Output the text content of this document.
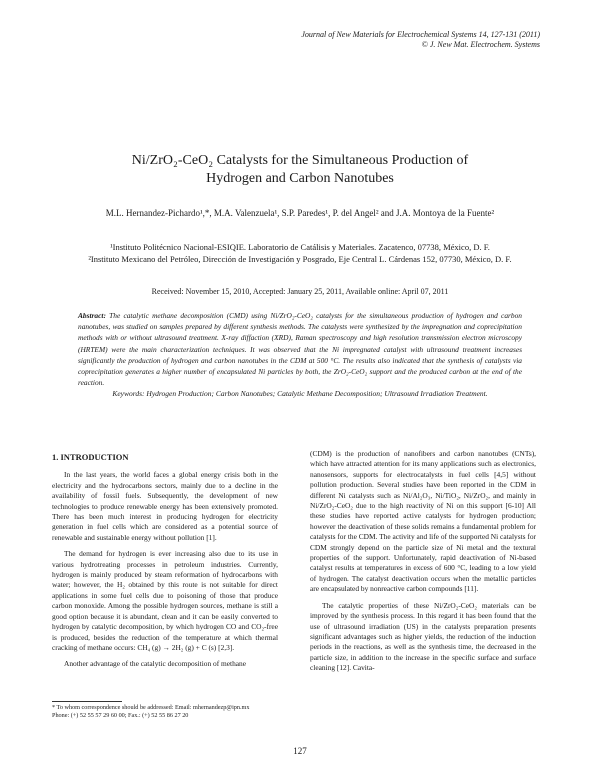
Journal of New Materials for Electrochemical Systems 14, 127-131 (2011)
© J. New Mat. Electrochem. Systems
Ni/ZrO₂-CeO₂ Catalysts for the Simultaneous Production of
Hydrogen and Carbon Nanotubes
M.L. Hernandez-Pichardo¹,*, M.A. Valenzuela¹, S.P. Paredes¹, P. del Angel² and J.A. Montoya de la Fuente²
¹Instituto Politécnico Nacional-ESIQIE. Laboratorio de Catálisis y Materiales. Zacatenco, 07738, México, D. F.
²Instituto Mexicano del Petróleo, Dirección de Investigación y Posgrado, Eje Central L. Cárdenas 152, 07730, México, D. F.
Received: November 15, 2010, Accepted: January 25, 2011, Available online: April 07, 2011
Abstract: The catalytic methane decomposition (CMD) using Ni/ZrO₂-CeO₂ catalysts for the simultaneous production of hydrogen and carbon nanotubes, was studied on samples prepared by different synthesis methods. The catalysts were synthesized by the impregnation and coprecipitation methods with or without ultrasound treatment. X-ray diffaction (XRD), Raman spectroscopy and high resolution transmission electron microscopy (HRTEM) were the main characterization techniques. It was observed that the Ni impregnated catalyst with ultrasound treatment increases significantly the production of hydrogen and carbon nanotubes in the CDM at 500 °C. The results also indicated that the synthesis of catalysts via coprecipitation generates a higher number of encapsulated Ni particles by both, the ZrO₂-CeO₂ support and the produced carbon at the end of the reaction.
Keywords: Hydrogen Production; Carbon Nanotubes; Catalytic Methane Decomposition; Ultrasound Irradiation Treatment.

1. INTRODUCTION

In the last years, the world faces a global energy crisis both in the electricity and the hydrocarbons sectors, mainly due to a decline in the availability of fossil fuels. Subsequently, the development of new technologies to produce renewable energy has been extensively promoted. There has been much interest in producing hydrogen for electricity generation in fuel cells which are considered as a potential source of renewable and sustainable energy without pollution [1].

The demand for hydrogen is ever increasing also due to its use in various hydrotreating processes in petroleum industries. Currently, hydrogen is mainly produced by steam reformation of hydrocarbons with water; however, the H₂ obtained by this route is not suitable for direct applications in some fuel cells due to poisoning of those that produce carbon monoxide. Among the possible hydrogen sources, methane is still a good option because it is abundant, clean and it can be easily converted to hydrogen by catalytic decomposition, by which hydrogen CO and CO₂-free is produced, besides the reduction of the temperature at which thermal cracking of methane occurs: CH₄ (g) → 2H₂ (g) + C (s) [2,3].

Another advantage of the catalytic decomposition of methane

(CDM) is the production of nanofibers and carbon nanotubes (CNTs), which have attracted attention for its many applications such as electronics, nanosensors, supports for electrocatalysts in fuel cells [4,5] without pollution production. Several studies have been reported in the CDM in different Ni catalysts such as Ni/Al₂O₃, Ni/TiO₂, Ni/ZrO₂, and mainly in Ni/ZrO₂-CeO₂ due to the high reactivity of Ni on this support [6-10] All these studies have reported active catalysts for hydrogen production; however the deactivation of these solids remains a fundamental problem for catalysts for the CDM. The activity and life of the supported Ni catalysts for CDM strongly depend on the particle size of Ni metal and the textural properties of the support. Unfortunately, rapid deactivation of Ni-based catalyst results at temperatures in excess of 600 °C, leading to a low yield of hydrogen. The catalyst deactivation occurs when the metallic particles are encapsulated by nonreactive carbon compounds [11].

The catalytic properties of these Ni/ZrO₂-CeO₂ materials can be improved by the synthesis process. In this regard it has been found that the use of ultrasound irradiation (US) in the catalysts preparation presents significant advantages such as higher yields, the reduction of the induction periods in the reactions, as well as the synthesis time, the decreased in the particle size, in addition to the increase in the specific surface and surface cleaning [12]. Cavita-

* To whom correspondence should be addressed: Email: mhernandezp@ipn.mx
Phone: (+) 52 55 57 29 60 00; Fax.: (+) 52 55 86 27 20
127
